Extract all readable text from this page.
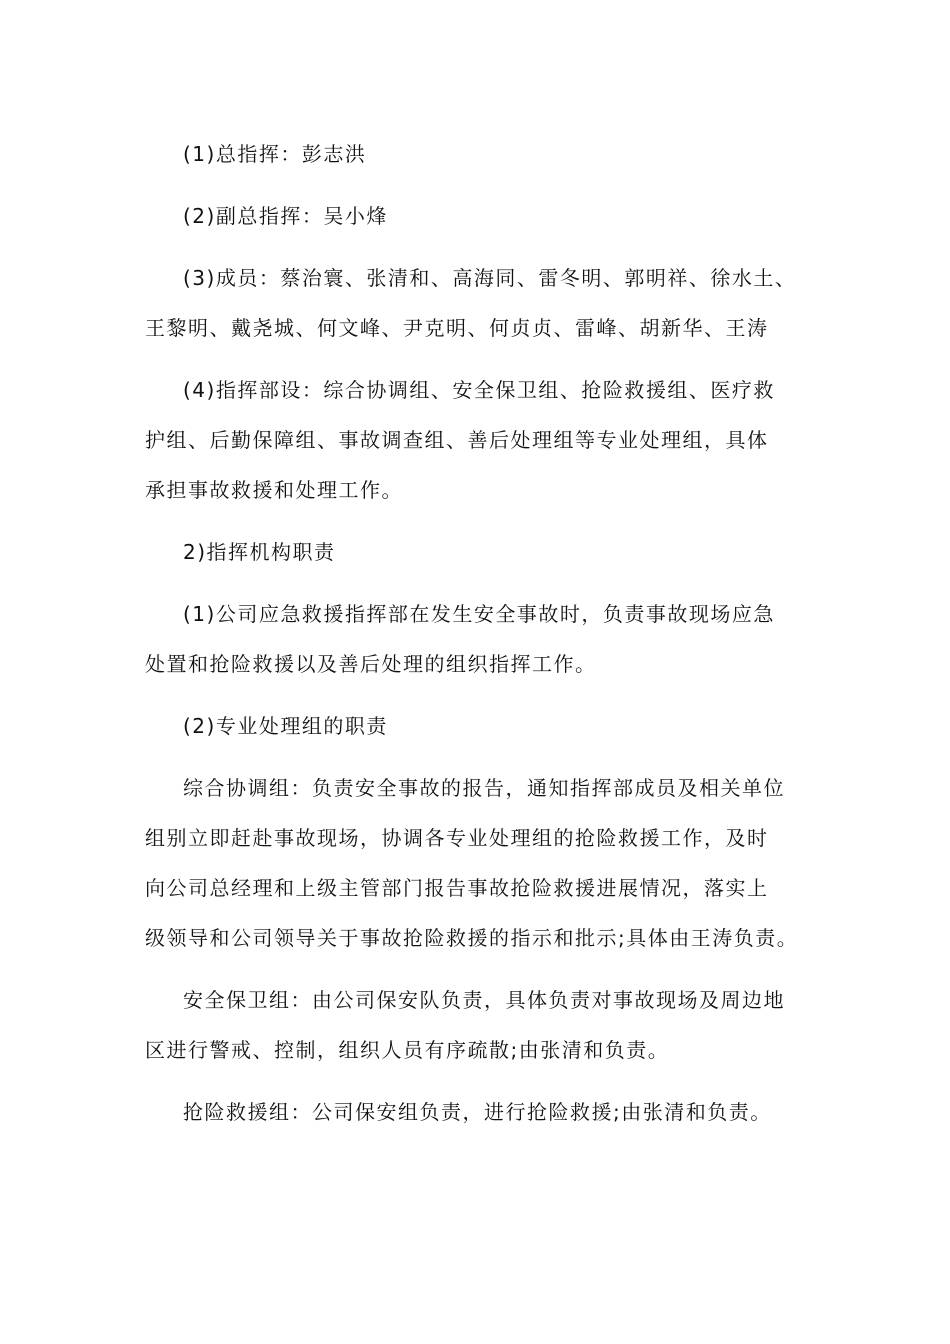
(1)总指挥：彭志洪

(2)副总指挥：吴小烽

(3)成员：蔡治寰、张清和、高海同、雷冬明、郭明祥、徐水土、
王黎明、戴尧城、何文峰、尹克明、何贞贞、雷峰、胡新华、王涛

(4)指挥部设：综合协调组、安全保卫组、抢险救援组、医疗救
护组、后勤保障组、事故调查组、善后处理组等专业处理组，具体
承担事故救援和处理工作。

2)指挥机构职责

(1)公司应急救援指挥部在发生安全事故时，负责事故现场应急
处置和抢险救援以及善后处理的组织指挥工作。

(2)专业处理组的职责

综合协调组：负责安全事故的报告，通知指挥部成员及相关单位
组别立即赶赴事故现场，协调各专业处理组的抢险救援工作，及时
向公司总经理和上级主管部门报告事故抢险救援进展情况，落实上
级领导和公司领导关于事故抢险救援的指示和批示;具体由王涛负责。

安全保卫组：由公司保安队负责，具体负责对事故现场及周边地
区进行警戒、控制，组织人员有序疏散;由张清和负责。

抢险救援组：公司保安组负责，进行抢险救援;由张清和负责。
